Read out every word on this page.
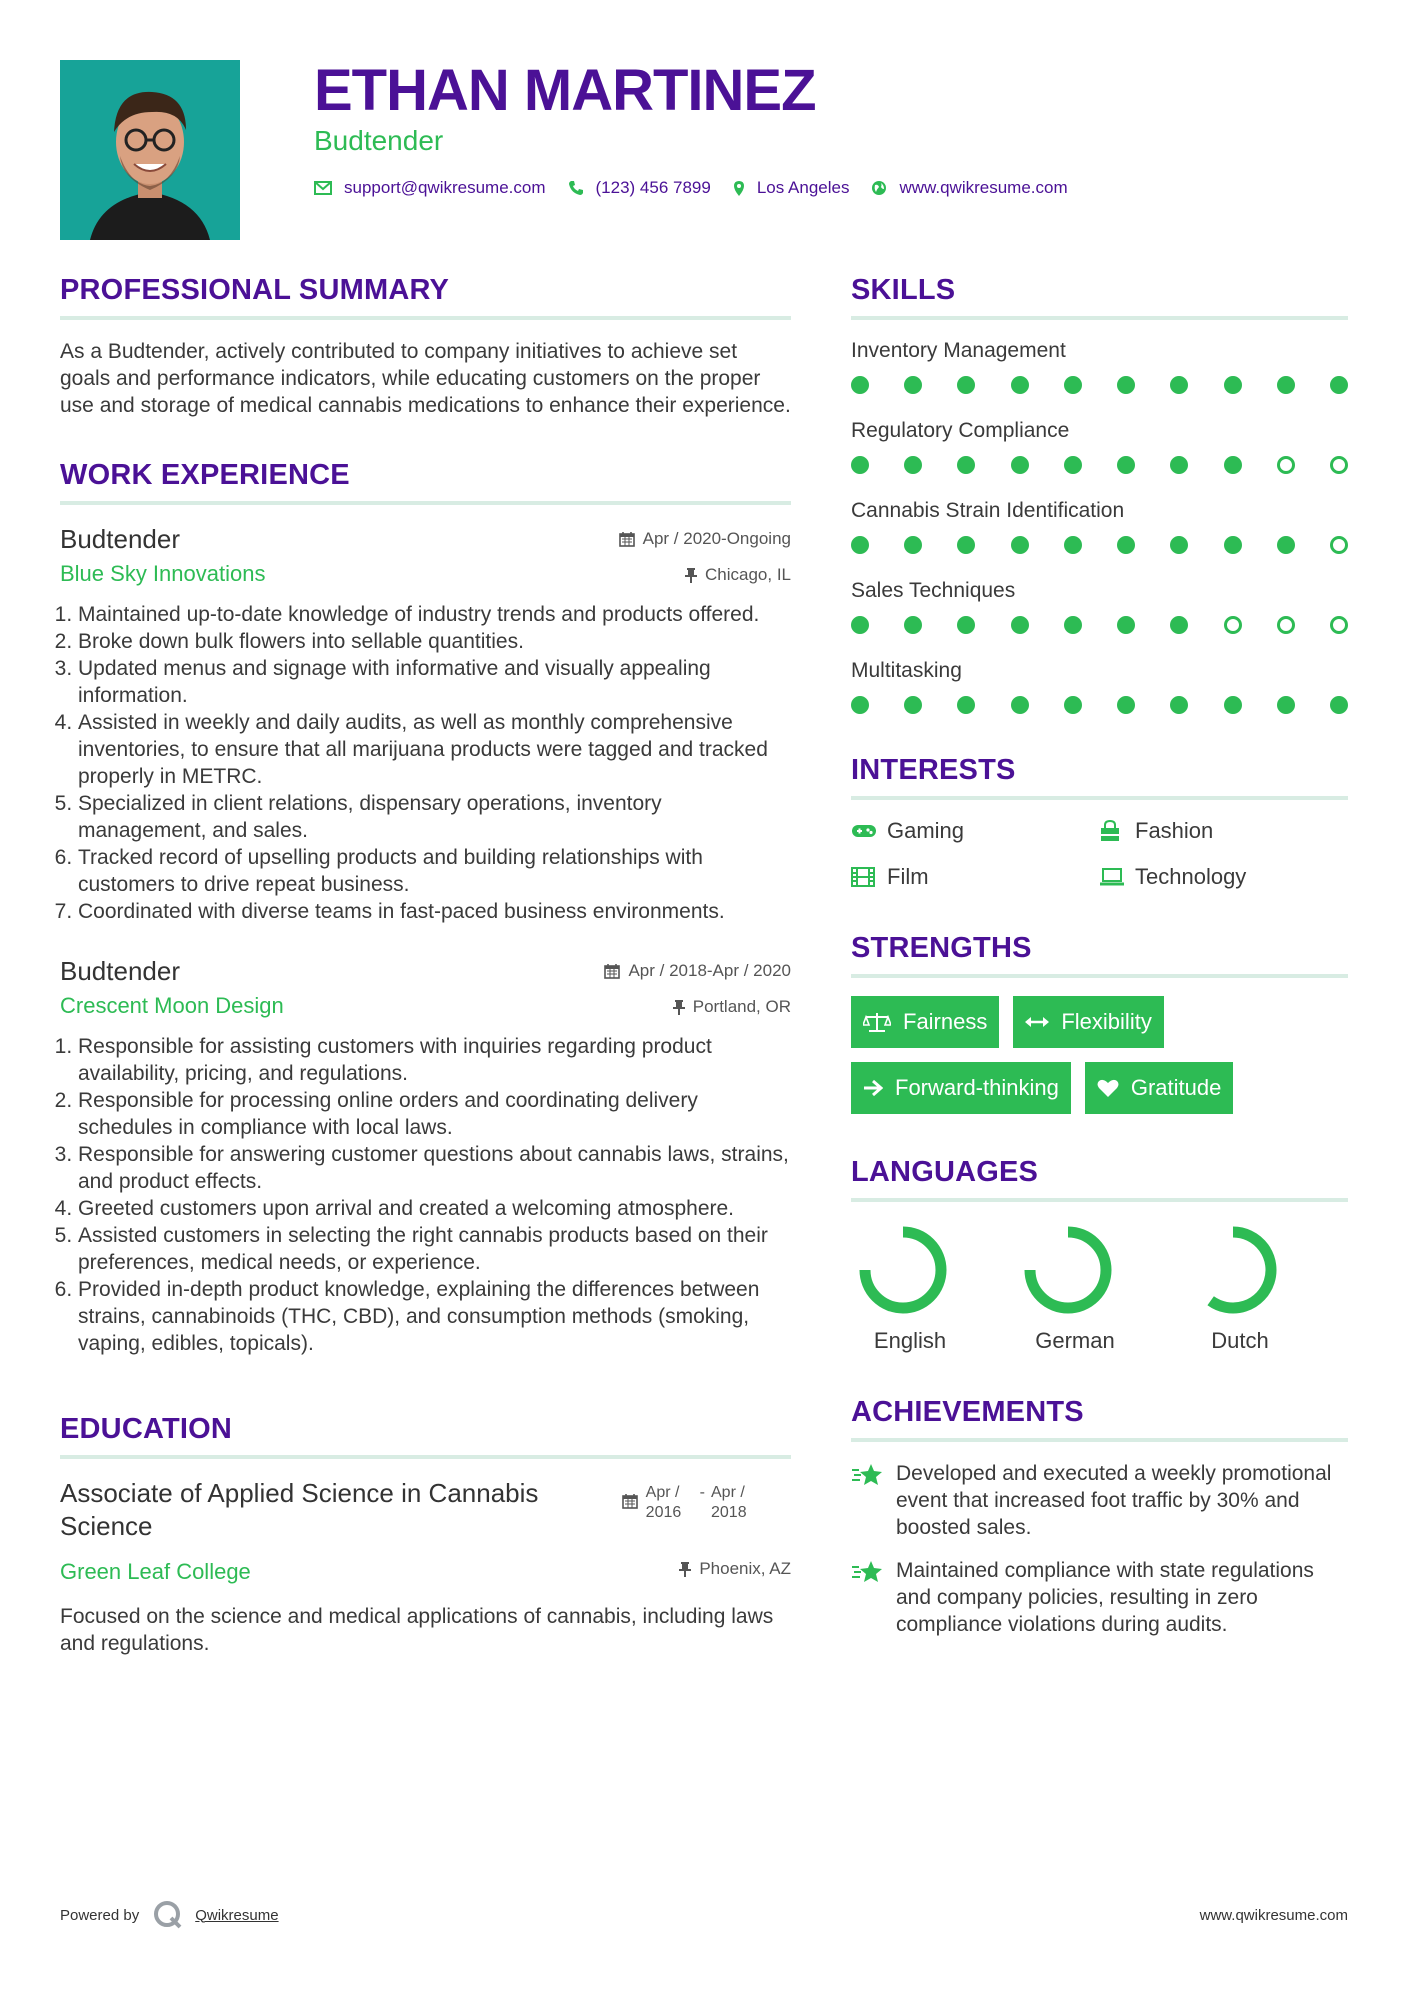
ETHAN MARTINEZ
Budtender
support@qwikresume.com	(123) 456 7899	Los Angeles	www.qwikresume.com
PROFESSIONAL SUMMARY

As a Budtender, actively contributed to company initiatives to achieve set goals and performance indicators, while educating customers on the proper use and storage of medical cannabis medications to enhance their experience.

WORK EXPERIENCE
Budtender
Blue Sky Innovations
Apr / 2020-Ongoing
Chicago, IL
1. Maintained up-to-date knowledge of industry trends and products offered.
2. Broke down bulk flowers into sellable quantities.
3. Updated menus and signage with informative and visually appealing information.
4. Assisted in weekly and daily audits, as well as monthly comprehensive inventories, to ensure that all marijuana products were tagged and tracked properly in METRC.
5. Specialized in client relations, dispensary operations, inventory management, and sales.
6. Tracked record of upselling products and building relationships with customers to drive repeat business.
7. Coordinated with diverse teams in fast-paced business environments.
Budtender
Crescent Moon Design
Apr / 2018-Apr / 2020
Portland, OR
1. Responsible for assisting customers with inquiries regarding product availability, pricing, and regulations.
2. Responsible for processing online orders and coordinating delivery schedules in compliance with local laws.
3. Responsible for answering customer questions about cannabis laws, strains, and product effects.
4. Greeted customers upon arrival and created a welcoming atmosphere.
5. Assisted customers in selecting the right cannabis products based on their preferences, medical needs, or experience.
6. Provided in-depth product knowledge, explaining the differences between strains, cannabinoids (THC, CBD), and consumption methods (smoking, vaping, edibles, topicals).
EDUCATION
Associate of Applied Science in Cannabis Science
Apr / 2016
- Apr / 2018
Green Leaf College	Phoenix, AZ

Focused on the science and medical applications of cannabis, including laws and regulations.

SKILLS
Inventory Management
Regulatory Compliance
Cannabis Strain Identification
Sales Techniques
Multitasking
INTERESTS
Gaming	Fashion
Film	Technology
STRENGTHS
Fairness	Flexibility
Forward-thinking	Gratitude
LANGUAGES
English	German	Dutch
ACHIEVEMENTS
Developed and executed a weekly promotional event that increased foot traffic by 30% and boosted sales.
Maintained compliance with state regulations and company policies, resulting in zero compliance violations during audits.
Powered by	Qwikresume	www.qwikresume.com
